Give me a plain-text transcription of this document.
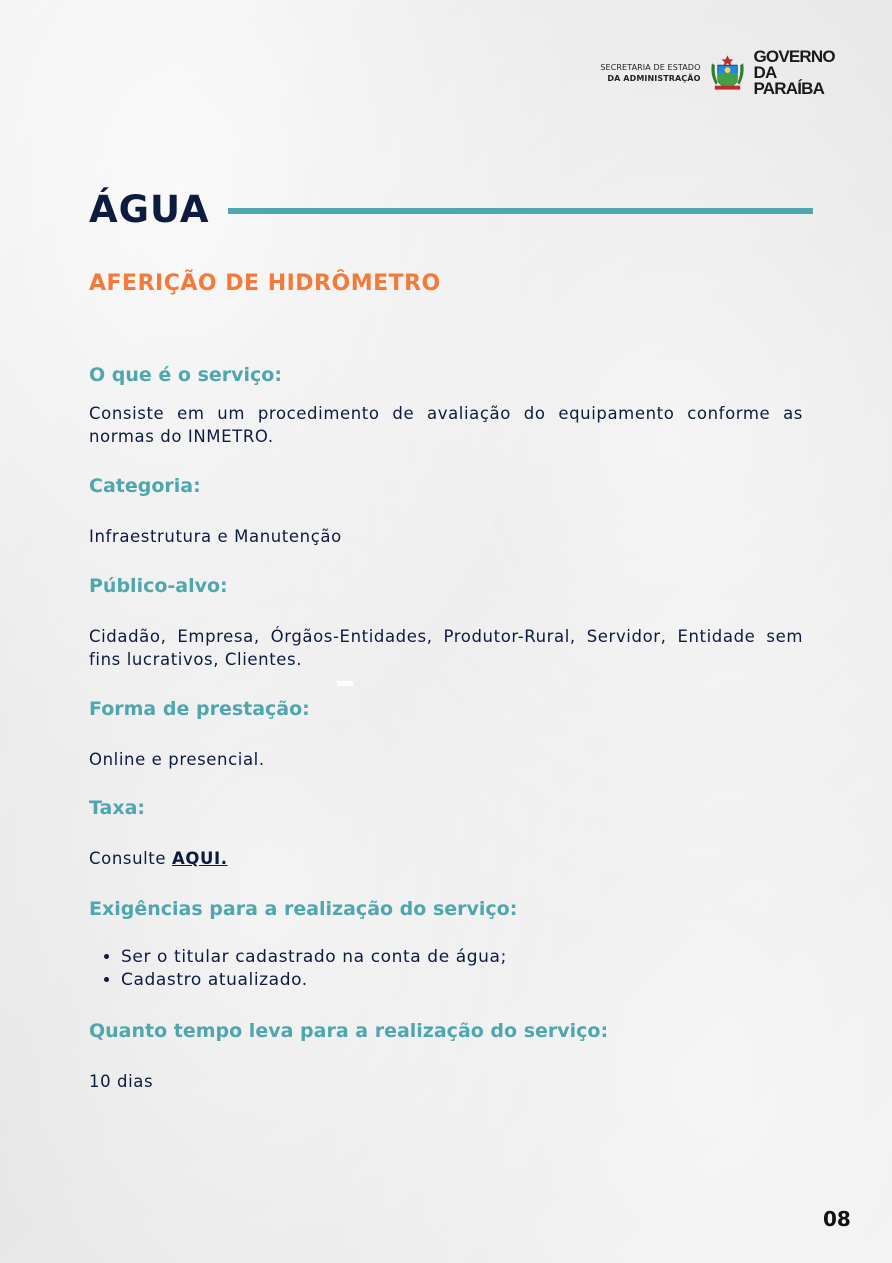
SECRETARIA DE ESTADO
DA ADMINISTRAÇÃO
GOVERNO
DA PARAÍBA
ÁGUA
AFERIÇÃO DE HIDRÔMETRO
O que é o serviço:
Consiste em um procedimento de avaliação do equipamento conforme as normas do INMETRO.
Categoria:
Infraestrutura e Manutenção
Público-alvo:
Cidadão, Empresa, Órgãos-Entidades, Produtor-Rural, Servidor, Entidade sem fins lucrativos, Clientes.
Forma de prestação:
Online e presencial.
Taxa:
Consulte AQUI.
Exigências para a realização do serviço:
• Ser o titular cadastrado na conta de água;
• Cadastro atualizado.
Quanto tempo leva para a realização do serviço:
10 dias
08
